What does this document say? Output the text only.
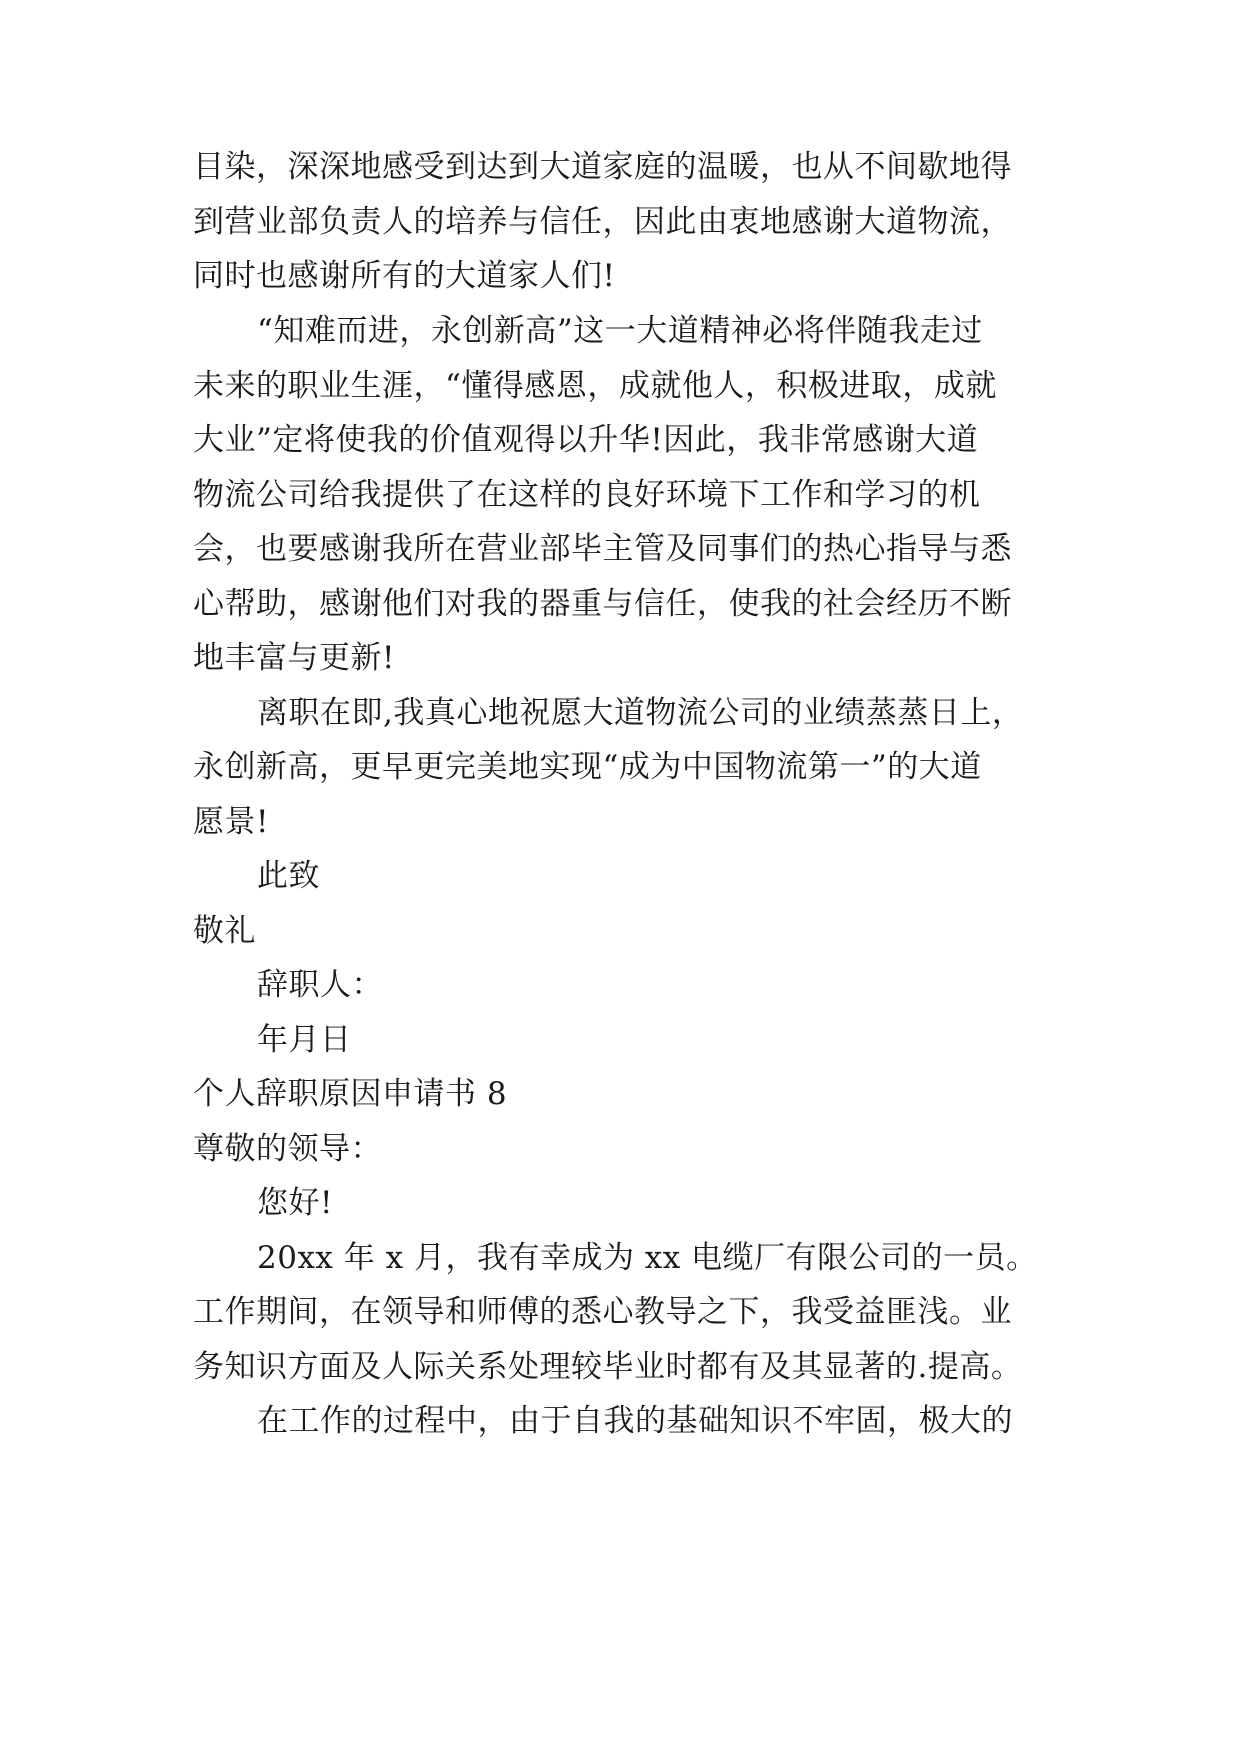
目染，深深地感受到达到大道家庭的温暖，也从不间歇地得
到营业部负责人的培养与信任，因此由衷地感谢大道物流，
同时也感谢所有的大道家人们!
“知难而进，永创新高”这一大道精神必将伴随我走过
未来的职业生涯，“懂得感恩，成就他人，积极进取，成就
大业”定将使我的价值观得以升华!因此，我非常感谢大道
物流公司给我提供了在这样的良好环境下工作和学习的机
会，也要感谢我所在营业部毕主管及同事们的热心指导与悉
心帮助，感谢他们对我的器重与信任，使我的社会经历不断
地丰富与更新!
离职在即,我真心地祝愿大道物流公司的业绩蒸蒸日上，
永创新高，更早更完美地实现“成为中国物流第一”的大道
愿景!
此致
敬礼
辞职人：
年月日
个人辞职原因申请书 8
尊敬的领导：
您好!
20xx 年 x 月，我有幸成为 xx 电缆厂有限公司的一员。
工作期间，在领导和师傅的悉心教导之下，我受益匪浅。业
务知识方面及人际关系处理较毕业时都有及其显著的.提高。
在工作的过程中，由于自我的基础知识不牢固，极大的
